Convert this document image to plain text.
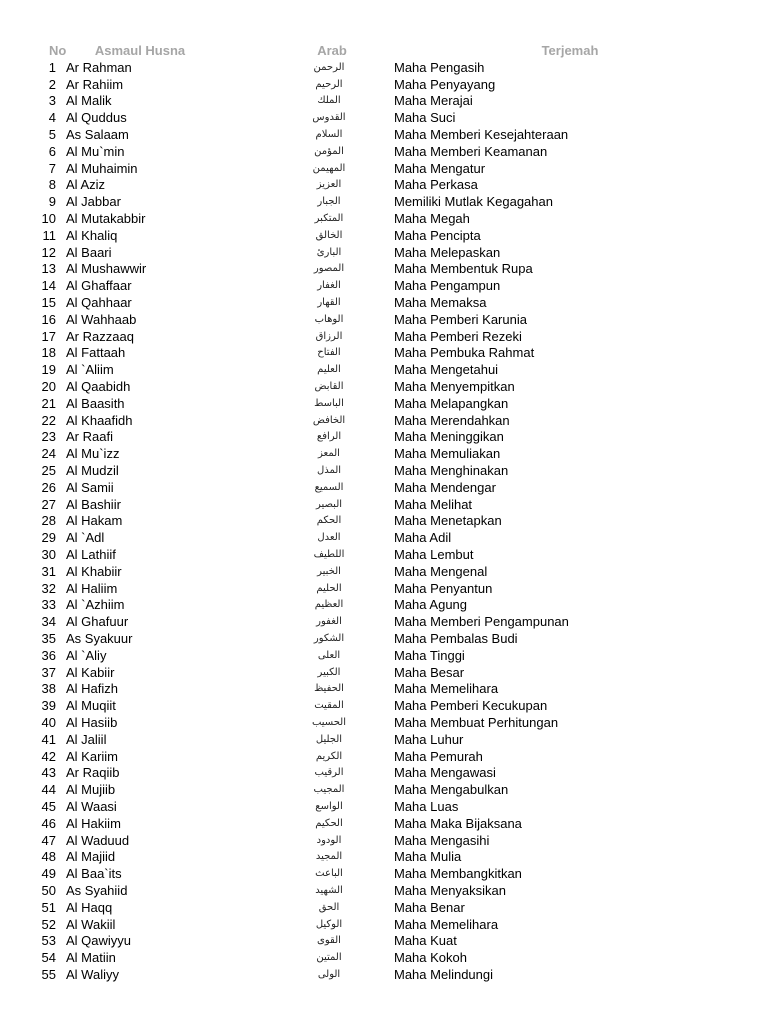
No	Asmaul Husna	Arab	Terjemah
1 Ar Rahman	الرحمن	Maha Pengasih
2 Ar Rahiim	الرحيم	Maha Penyayang
3 Al Malik	الملك	Maha Merajai
4 Al Quddus	القدوس	Maha Suci
5 As Salaam	السلام	Maha Memberi Kesejahteraan
6 Al Mu`min	المؤمن	Maha Memberi Keamanan
7 Al Muhaimin	المهيمن	Maha Mengatur
8 Al Aziz	العزيز	Maha Perkasa
9 Al Jabbar	الجبار	Memiliki Mutlak Kegagahan
10 Al Mutakabbir	المتكبر	Maha Megah
11 Al Khaliq	الخالق	Maha Pencipta
12 Al Baari	البارئ	Maha Melepaskan
13 Al Mushawwir	المصور	Maha Membentuk Rupa
14 Al Ghaffaar	الغفار	Maha Pengampun
15 Al Qahhaar	القهار	Maha Memaksa
16 Al Wahhaab	الوهاب	Maha Pemberi Karunia
17 Ar Razzaaq	الرزاق	Maha Pemberi Rezeki
18 Al Fattaah	الفتاح	Maha Pembuka Rahmat
19 Al `Aliim	العليم	Maha Mengetahui
20 Al Qaabidh	القابض	Maha Menyempitkan
21 Al Baasith	الباسط	Maha Melapangkan
22 Al Khaafidh	الخافض	Maha Merendahkan
23 Ar Raafi	الرافع	Maha Meninggikan
24 Al Mu`izz	المعز	Maha Memuliakan
25 Al Mudzil	المذل	Maha Menghinakan
26 Al Samii	السميع	Maha Mendengar
27 Al Bashiir	البصير	Maha Melihat
28 Al Hakam	الحكم	Maha Menetapkan
29 Al `Adl	العدل	Maha Adil
30 Al Lathiif	اللطيف	Maha Lembut
31 Al Khabiir	الخبير	Maha Mengenal
32 Al Haliim	الحليم	Maha Penyantun
33 Al `Azhiim	العظيم	Maha Agung
34 Al Ghafuur	الغفور	Maha Memberi Pengampunan
35 As Syakuur	الشكور	Maha Pembalas Budi
36 Al `Aliy	العلى	Maha Tinggi
37 Al Kabiir	الكبير	Maha Besar
38 Al Hafizh	الحفيظ	Maha Memelihara
39 Al Muqiit	المقيت	Maha Pemberi Kecukupan
40 Al Hasiib	الحسيب	Maha Membuat Perhitungan
41 Al Jaliil	الجليل	Maha Luhur
42 Al Kariim	الكريم	Maha Pemurah
43 Ar Raqiib	الرقيب	Maha Mengawasi
44 Al Mujiib	المجيب	Maha Mengabulkan
45 Al Waasi	الواسع	Maha Luas
46 Al Hakiim	الحكيم	Maha Maka Bijaksana
47 Al Waduud	الودود	Maha Mengasihi
48 Al Majiid	المجيد	Maha Mulia
49 Al Baa`its	الباعث	Maha Membangkitkan
50 As Syahiid	الشهيد	Maha Menyaksikan
51 Al Haqq	الحق	Maha Benar
52 Al Wakiil	الوكيل	Maha Memelihara
53 Al Qawiyyu	القوى	Maha Kuat
54 Al Matiin	المتين	Maha Kokoh
55 Al Waliyy	الولى	Maha Melindungi
